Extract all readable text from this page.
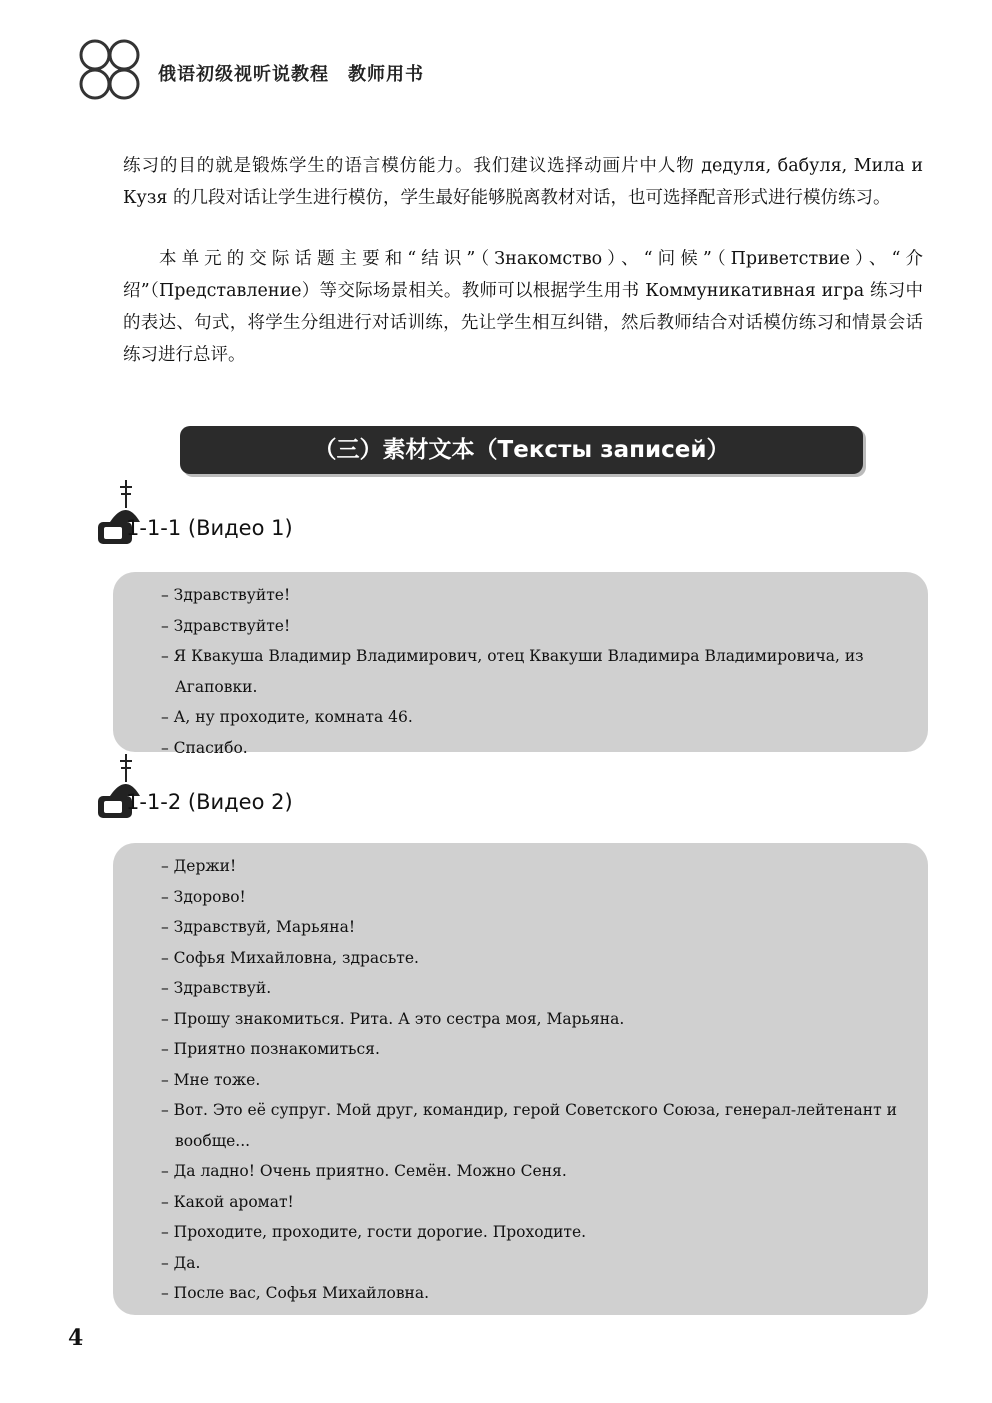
俄语初级视听说教程　教师用书
练习的目的就是锻炼学生的语言模仿能力。我们建议选择动画片中人物 дедуля, бабуля, Мила и Кузя 的几段对话让学生进行模仿，学生最好能够脱离教材对话，也可选择配音形式进行模仿练习。
本单元的交际话题主要和“结识”（Знакомство）、“问候”（Приветствие）、“介绍”（Представление）等交际场景相关。教师可以根据学生用书 Коммуникативная игра 练习中的表达、句式，将学生分组进行对话训练，先让学生相互纠错，然后教师结合对话模仿练习和情景会话练习进行总评。
（三）素材文本（Тексты записей）
1-1-1 (Видео 1)
– Здравствуйте!
– Здравствуйте!
– Я Квакуша Владимир Владимирович, отец Квакуши Владимира Владимировича, из Агаповки.
– А, ну проходите, комната 46.
– Спасибо.
1-1-2 (Видео 2)
– Держи!
– Здорово!
– Здравствуй, Марьяна!
– Софья Михайловна, здрасьте.
– Здравствуй.
– Прошу знакомиться. Рита. А это сестра моя, Марьяна.
– Приятно познакомиться.
– Мне тоже.
– Вот. Это её супруг. Мой друг, командир, герой Советского Союза, генерал-лейтенант и вообще...
– Да ладно! Очень приятно. Семён. Можно Сеня.
– Какой аромат!
– Проходите, проходите, гости дорогие. Проходите.
– Да.
– После вас, Софья Михайловна.
4
